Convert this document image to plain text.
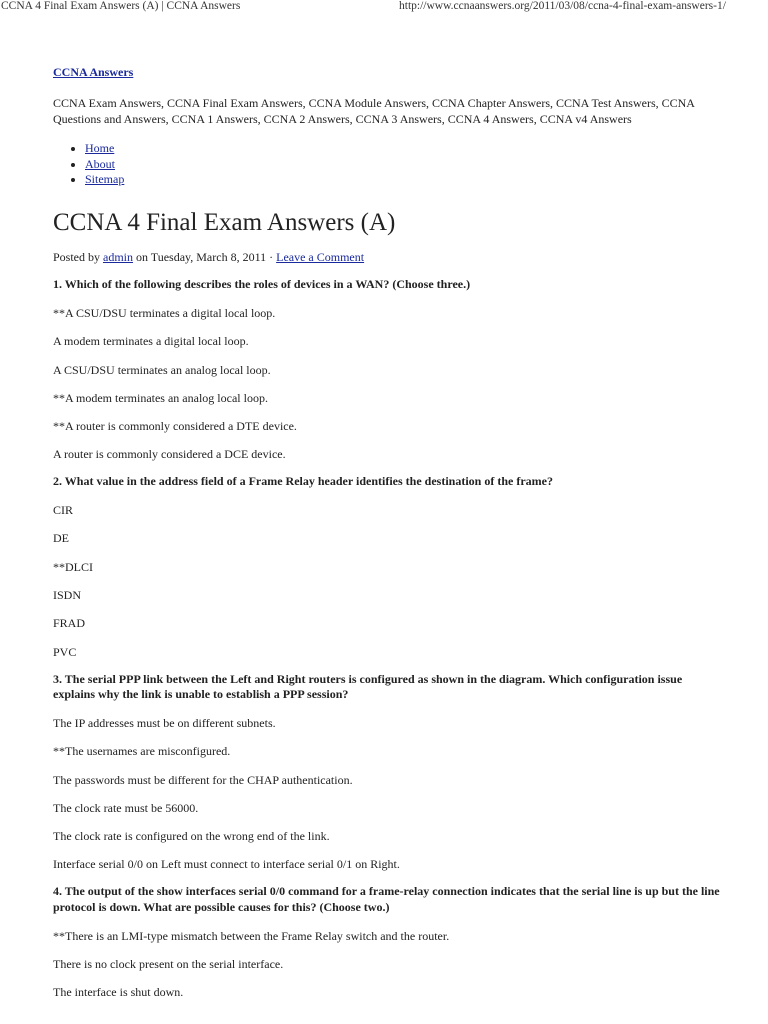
CCNA 4 Final Exam Answers (A) | CCNA Answers	http://www.ccnaanswers.org/2011/03/08/ccna-4-final-exam-answers-1/

CCNA Answers

CCNA Exam Answers, CCNA Final Exam Answers, CCNA Module Answers, CCNA Chapter Answers, CCNA Test Answers, CCNA Questions and Answers, CCNA 1 Answers, CCNA 2 Answers, CCNA 3 Answers, CCNA 4 Answers, CCNA v4 Answers

• Home
• About
• Sitemap
CCNA 4 Final Exam Answers (A)

Posted by admin on Tuesday, March 8, 2011 · Leave a Comment

1. Which of the following describes the roles of devices in a WAN? (Choose three.)

**A CSU/DSU terminates a digital local loop.

A modem terminates a digital local loop.

A CSU/DSU terminates an analog local loop.

**A modem terminates an analog local loop.

**A router is commonly considered a DTE device.

A router is commonly considered a DCE device.

2. What value in the address field of a Frame Relay header identifies the destination of the frame?

CIR

DE

**DLCI

ISDN

FRAD

PVC

3. The serial PPP link between the Left and Right routers is configured as shown in the diagram. Which configuration issue explains why the link is unable to establish a PPP session?

The IP addresses must be on different subnets.

**The usernames are misconfigured.

The passwords must be different for the CHAP authentication.

The clock rate must be 56000.

The clock rate is configured on the wrong end of the link.

Interface serial 0/0 on Left must connect to interface serial 0/1 on Right.

4. The output of the show interfaces serial 0/0 command for a frame-relay connection indicates that the serial line is up but the line protocol is down. What are possible causes for this? (Choose two.)

**There is an LMI-type mismatch between the Frame Relay switch and the router.

There is no clock present on the serial interface.

The interface is shut down.
